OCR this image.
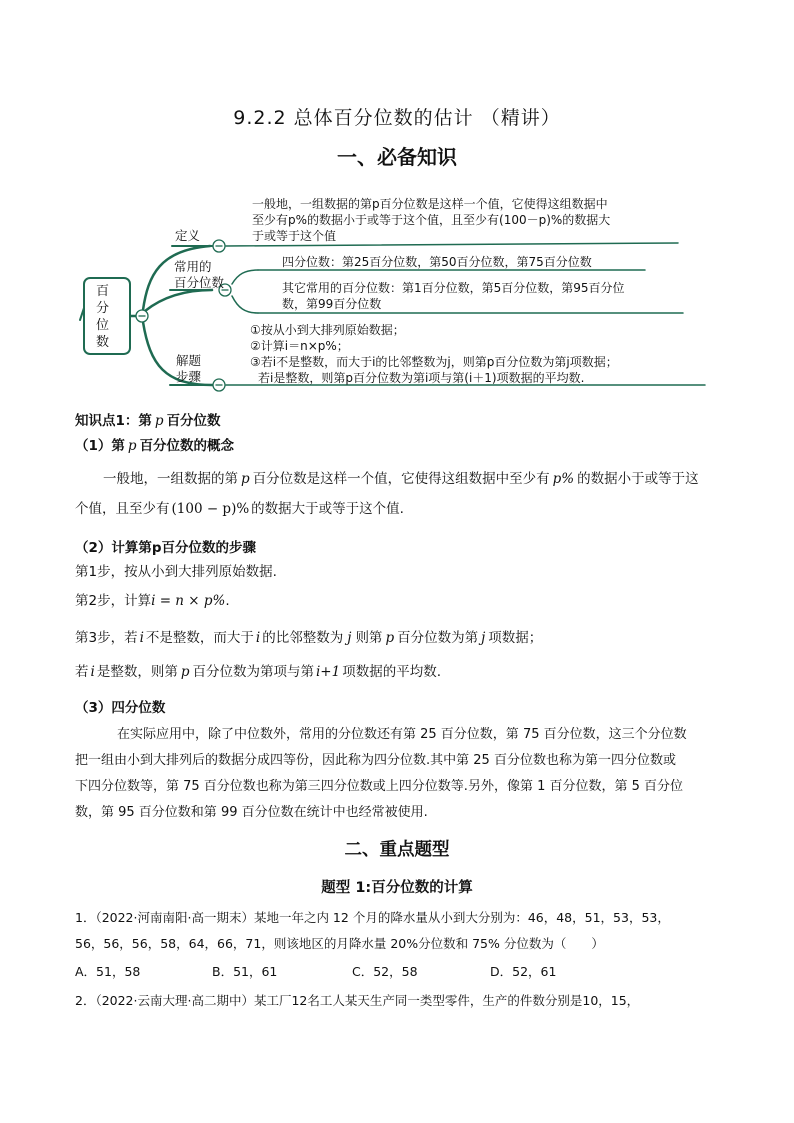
9.2.2 总体百分位数的估计 （精讲）
一、必备知识
百
分
位
数
定义
常用的
百分位数
解题
步骤
一般地，一组数据的第p百分位数是这样一个值，它使得这组数据中
至少有p%的数据小于或等于这个值，且至少有(100－p)%的数据大
于或等于这个值
四分位数：第25百分位数，第50百分位数，第75百分位数
其它常用的百分位数：第1百分位数，第5百分位数，第95百分位
数，第99百分位数
①按从小到大排列原始数据；
②计算i＝n×p%；
③若i不是整数，而大于i的比邻整数为j，则第p百分位数为第j项数据；
若i是整数，则第p百分位数为第i项与第(i＋1)项数据的平均数.
知识点1：第 p 百分位数
（1）第 p 百分位数的概念
一般地，一组数据的第 p 百分位数是这样一个值，它使得这组数据中至少有 p% 的数据小于或等于这
个值，且至少有 (100 − p)% 的数据大于或等于这个值.
（2）计算第p百分位数的步骤
第1步，按从小到大排列原始数据.
第2步，计算i = n × p%.
第3步，若 i 不是整数，而大于 i 的比邻整数为 j 则第 p 百分位数为第 j 项数据；
若 i 是整数，则第 p 百分位数为第项与第 i+1 项数据的平均数.
（3）四分位数
在实际应用中，除了中位数外，常用的分位数还有第 25 百分位数，第 75 百分位数，这三个分位数
把一组由小到大排列后的数据分成四等份，因此称为四分位数.其中第 25 百分位数也称为第一四分位数或
下四分位数等，第 75 百分位数也称为第三四分位数或上四分位数等.另外，像第 1 百分位数，第 5 百分位
数，第 95 百分位数和第 99 百分位数在统计中也经常被使用.
二、重点题型
题型 1:百分位数的计算
1．（2022·河南南阳·高一期末）某地一年之内 12 个月的降水量从小到大分别为：46，48，51，53，53，
56，56，56，58，64，66，71，则该地区的月降水量 20%分位数和 75% 分位数为（　　）
A．51，58	B．51，61	C．52，58	D．52，61
2．（2022·云南大理·高二期中）某工厂12名工人某天生产同一类型零件，生产的件数分别是10，15，
